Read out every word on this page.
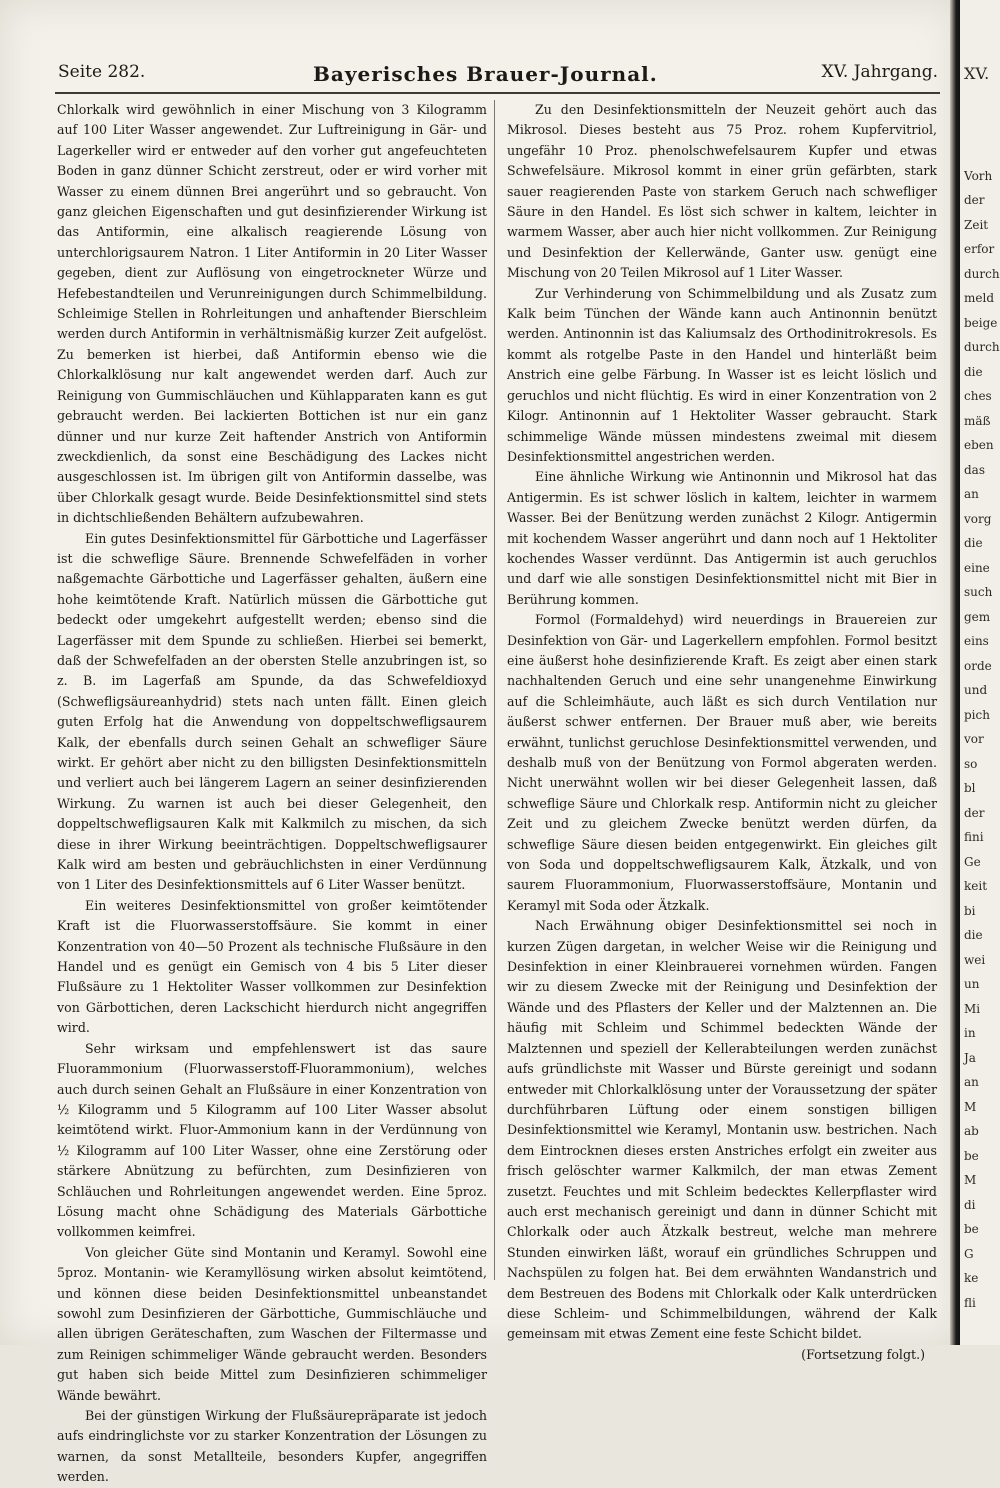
Seite 282.	Bayerisches Brauer-Journal.	XV. Jahrgang.

Chlorkalk wird gewöhnlich in einer Mischung von 3 Kilogramm auf 100 Liter Wasser angewendet. Zur Luftreinigung in Gär- und Lagerkeller wird er entweder auf den vorher gut angefeuchteten Boden in ganz dünner Schicht zerstreut, oder er wird vorher mit Wasser zu einem dünnen Brei angerührt und so gebraucht. Von ganz gleichen Eigenschaften und gut desinfizierender Wirkung ist das Antiformin, eine alkalisch reagierende Lösung von unterchlorigsaurem Natron. 1 Liter Antiformin in 20 Liter Wasser gegeben, dient zur Auflösung von eingetrockneter Würze und Hefebestandteilen und Verunreinigungen durch Schimmelbildung. Schleimige Stellen in Rohrleitungen und anhaftender Bierschleim werden durch Antiformin in verhältnismäßig kurzer Zeit aufgelöst. Zu bemerken ist hierbei, daß Antiformin ebenso wie die Chlorkalklösung nur kalt angewendet werden darf. Auch zur Reinigung von Gummischläuchen und Kühlapparaten kann es gut gebraucht werden. Bei lackierten Bottichen ist nur ein ganz dünner und nur kurze Zeit haftender Anstrich von Antiformin zweckdienlich, da sonst eine Beschädigung des Lackes nicht ausgeschlossen ist. Im übrigen gilt von Antiformin dasselbe, was über Chlorkalk gesagt wurde. Beide Desinfektionsmittel sind stets in dichtschließenden Behältern aufzubewahren.

Ein gutes Desinfektionsmittel für Gärbottiche und Lagerfässer ist die schweflige Säure. Brennende Schwefelfäden in vorher naßgemachte Gärbottiche und Lagerfässer gehalten, äußern eine hohe keimtötende Kraft. Natürlich müssen die Gärbottiche gut bedeckt oder umgekehrt aufgestellt werden; ebenso sind die Lagerfässer mit dem Spunde zu schließen. Hierbei sei bemerkt, daß der Schwefelfaden an der obersten Stelle anzubringen ist, so z. B. im Lagerfaß am Spunde, da das Schwefeldioxyd (Schwefligsäureanhydrid) stets nach unten fällt. Einen gleich guten Erfolg hat die Anwendung von doppeltschwefligsaurem Kalk, der ebenfalls durch seinen Gehalt an schwefliger Säure wirkt. Er gehört aber nicht zu den billigsten Desinfektionsmitteln und verliert auch bei längerem Lagern an seiner desinfizierenden Wirkung. Zu warnen ist auch bei dieser Gelegenheit, den doppeltschwefligsauren Kalk mit Kalkmilch zu mischen, da sich diese in ihrer Wirkung beeinträchtigen. Doppeltschwefligsaurer Kalk wird am besten und gebräuchlichsten in einer Verdünnung von 1 Liter des Desinfektionsmittels auf 6 Liter Wasser benützt.

Ein weiteres Desinfektionsmittel von großer keimtötender Kraft ist die Fluorwasserstoffsäure. Sie kommt in einer Konzentration von 40—50 Prozent als technische Flußsäure in den Handel und es genügt ein Gemisch von 4 bis 5 Liter dieser Flußsäure zu 1 Hektoliter Wasser vollkommen zur Desinfektion von Gärbottichen, deren Lackschicht hierdurch nicht angegriffen wird.

Sehr wirksam und empfehlenswert ist das saure Fluorammonium (Fluorwasserstoff-Fluorammonium), welches auch durch seinen Gehalt an Flußsäure in einer Konzentration von ½ Kilogramm und 5 Kilogramm auf 100 Liter Wasser absolut keimtötend wirkt. Fluor-Ammonium kann in der Verdünnung von ½ Kilogramm auf 100 Liter Wasser, ohne eine Zerstörung oder stärkere Abnützung zu befürchten, zum Desinfizieren von Schläuchen und Rohrleitungen angewendet werden. Eine 5proz. Lösung macht ohne Schädigung des Materials Gärbottiche vollkommen keimfrei.

Von gleicher Güte sind Montanin und Keramyl. Sowohl eine 5proz. Montanin- wie Keramyllösung wirken absolut keimtötend, und können diese beiden Desinfektionsmittel unbeanstandet sowohl zum Desinfizieren der Gärbottiche, Gummischläuche und allen übrigen Geräteschaften, zum Waschen der Filtermasse und zum Reinigen schimmeliger Wände gebraucht werden. Besonders gut haben sich beide Mittel zum Desinfizieren schimmeliger Wände bewährt.

Bei der günstigen Wirkung der Flußsäurepräparate ist jedoch aufs eindringlichste vor zu starker Konzentration der Lösungen zu warnen, da sonst Metallteile, besonders Kupfer, angegriffen werden.

Zu den Desinfektionsmitteln der Neuzeit gehört auch das Mikrosol. Dieses besteht aus 75 Proz. rohem Kupfervitriol, ungefähr 10 Proz. phenolschwefelsaurem Kupfer und etwas Schwefelsäure. Mikrosol kommt in einer grün gefärbten, stark sauer reagierenden Paste von starkem Geruch nach schwefliger Säure in den Handel. Es löst sich schwer in kaltem, leichter in warmem Wasser, aber auch hier nicht vollkommen. Zur Reinigung und Desinfektion der Kellerwände, Ganter usw. genügt eine Mischung von 20 Teilen Mikrosol auf 1 Liter Wasser.

Zur Verhinderung von Schimmelbildung und als Zusatz zum Kalk beim Tünchen der Wände kann auch Antinonnin benützt werden. Antinonnin ist das Kaliumsalz des Orthodinitrokresols. Es kommt als rotgelbe Paste in den Handel und hinterläßt beim Anstrich eine gelbe Färbung. In Wasser ist es leicht löslich und geruchlos und nicht flüchtig. Es wird in einer Konzentration von 2 Kilogr. Antinonnin auf 1 Hektoliter Wasser gebraucht. Stark schimmelige Wände müssen mindestens zweimal mit diesem Desinfektionsmittel angestrichen werden.

Eine ähnliche Wirkung wie Antinonnin und Mikrosol hat das Antigermin. Es ist schwer löslich in kaltem, leichter in warmem Wasser. Bei der Benützung werden zunächst 2 Kilogr. Antigermin mit kochendem Wasser angerührt und dann noch auf 1 Hektoliter kochendes Wasser verdünnt. Das Antigermin ist auch geruchlos und darf wie alle sonstigen Desinfektionsmittel nicht mit Bier in Berührung kommen.

Formol (Formaldehyd) wird neuerdings in Brauereien zur Desinfektion von Gär- und Lagerkellern empfohlen. Formol besitzt eine äußerst hohe desinfizierende Kraft. Es zeigt aber einen stark nachhaltenden Geruch und eine sehr unangenehme Einwirkung auf die Schleimhäute, auch läßt es sich durch Ventilation nur äußerst schwer entfernen. Der Brauer muß aber, wie bereits erwähnt, tunlichst geruchlose Desinfektionsmittel verwenden, und deshalb muß von der Benützung von Formol abgeraten werden. Nicht unerwähnt wollen wir bei dieser Gelegenheit lassen, daß schweflige Säure und Chlorkalk resp. Antiformin nicht zu gleicher Zeit und zu gleichem Zwecke benützt werden dürfen, da schweflige Säure diesen beiden entgegenwirkt. Ein gleiches gilt von Soda und doppeltschwefligsaurem Kalk, Ätzkalk, und von saurem Fluorammonium, Fluorwasserstoffsäure, Montanin und Keramyl mit Soda oder Ätzkalk.

Nach Erwähnung obiger Desinfektionsmittel sei noch in kurzen Zügen dargetan, in welcher Weise wir die Reinigung und Desinfektion in einer Kleinbrauerei vornehmen würden. Fangen wir zu diesem Zwecke mit der Reinigung und Desinfektion der Wände und des Pflasters der Keller und der Malztennen an. Die häufig mit Schleim und Schimmel bedeckten Wände der Malztennen und speziell der Kellerabteilungen werden zunächst aufs gründlichste mit Wasser und Bürste gereinigt und sodann entweder mit Chlorkalklösung unter der Voraussetzung der später durchführbaren Lüftung oder einem sonstigen billigen Desinfektionsmittel wie Keramyl, Montanin usw. bestrichen. Nach dem Eintrocknen dieses ersten Anstriches erfolgt ein zweiter aus frisch gelöschter warmer Kalkmilch, der man etwas Zement zusetzt. Feuchtes und mit Schleim bedecktes Kellerpflaster wird auch erst mechanisch gereinigt und dann in dünner Schicht mit Chlorkalk oder auch Ätzkalk bestreut, welche man mehrere Stunden einwirken läßt, worauf ein gründliches Schruppen und Nachspülen zu folgen hat. Bei dem erwähnten Wandanstrich und dem Bestreuen des Bodens mit Chlorkalk oder Kalk unterdrücken diese Schleim- und Schimmelbildungen, während der Kalk gemeinsam mit etwas Zement eine feste Schicht bildet.

(Fortsetzung folgt.)
XV.
Vorh
der
Zeit
erfor
durch
meld
beige
durch
die
ches
mäß
eben
das
an
vorg
die
eine
such
gem
eins
orde
und
pich
vor
so
bl
der
fini
Ge
keit
bi
die
wei
un
Mi
in
Ja
an
M
ab
be
M
di
be
G
ke
fli
